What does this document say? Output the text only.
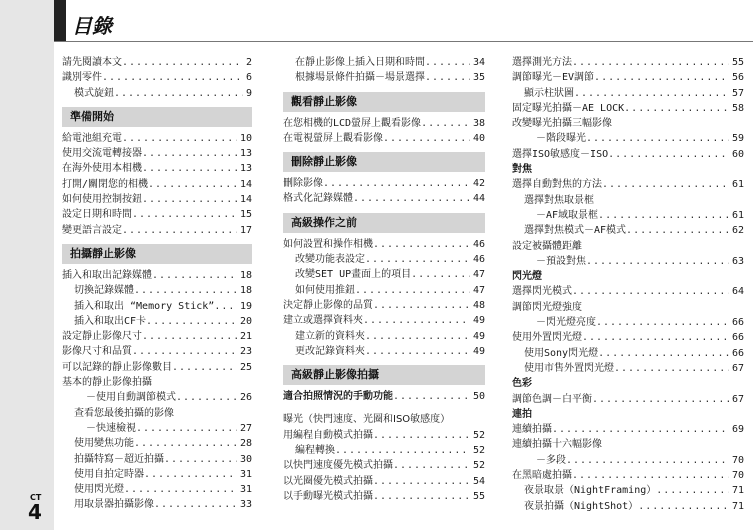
目錄
請先閱讀本文 .....	2
識別零件 .....	6
模式旋鈕 .....	9
準備開始
給電池組充電 .....	10
使用交流電轉接器 .....	13
在海外使用本相機 .....	13
打開/關閉您的相機 .....	14
如何使用控制按鈕 .....	14
設定日期和時間 .....	15
變更語言設定 .....	17
拍攝靜止影像
插入和取出記錄媒體 .....	18
切換記錄媒體 .....	18
插入和取出 “Memory Stick” .....	19
插入和取出CF卡 .....	20
設定靜止影像尺寸 .....	21
影像尺寸和品質 .....	23
可以記錄的靜止影像數目 .....	25
基本的靜止影像拍攝
－使用自動調節模式 .....	26
查看您最後拍攝的影像
－快速檢視 .....	27
使用變焦功能 .....	28
拍攝特寫－超近拍攝 .....	30
使用自拍定時器 .....	31
使用閃光燈 .....	31
用取景器拍攝影像 .....	33
在靜止影像上插入日期和時間 .....	34
根據場景條件拍攝－場景選擇 .....	35
觀看靜止影像
在您相機的LCD螢屏上觀看影像 .....	38
在電視螢屏上觀看影像 .....	40
刪除靜止影像
刪除影像 .....	42
格式化記錄媒體 .....	44
高級操作之前
如何設置和操作相機 .....	46
改變功能表設定 .....	46
改變SET UP畫面上的項目 .....	47
如何使用推鈕 .....	47
決定靜止影像的品質 .....	48
建立或選擇資料夾 .....	49
建立新的資料夾 .....	49
更改記錄資料夾 .....	49
高級靜止影像拍攝
適合拍照情況的手動功能 .....	50
曝光（快門速度、光圈和ISO敏感度）
用編程自動模式拍攝 .....	52
編程轉換 .....	52
以快門速度優先模式拍攝 .....	52
以光圈優先模式拍攝 .....	54
以手動曝光模式拍攝 .....	55
選擇測光方法 .....	55
調節曝光－EV調節 .....	56
顯示柱狀圖 .....	57
固定曝光拍攝－AE LOCK .....	58
改變曝光拍攝三幅影像
－階段曝光 .....	59
選擇ISO敏感度－ISO .....	60
對焦
選擇自動對焦的方法 .....	61
選擇對焦取景框
－AF域取景框 .....	61
選擇對焦模式－AF模式 .....	62
設定被攝體距離
－預設對焦 .....	63
閃光燈
選擇閃光模式 .....	64
調節閃光燈強度
－閃光燈亮度 .....	66
使用外置閃光燈 .....	66
使用Sony閃光燈 .....	66
使用市售外置閃光燈 .....	67
色彩
調節色調－白平衡 .....	67
連拍
連續拍攝 .....	69
連續拍攝十六幅影像
－多段 .....	70
在黑暗處拍攝 .....	70
夜景取景（NightFraming） .....	71
夜景拍攝（NightShot） .....	71
CT
4
